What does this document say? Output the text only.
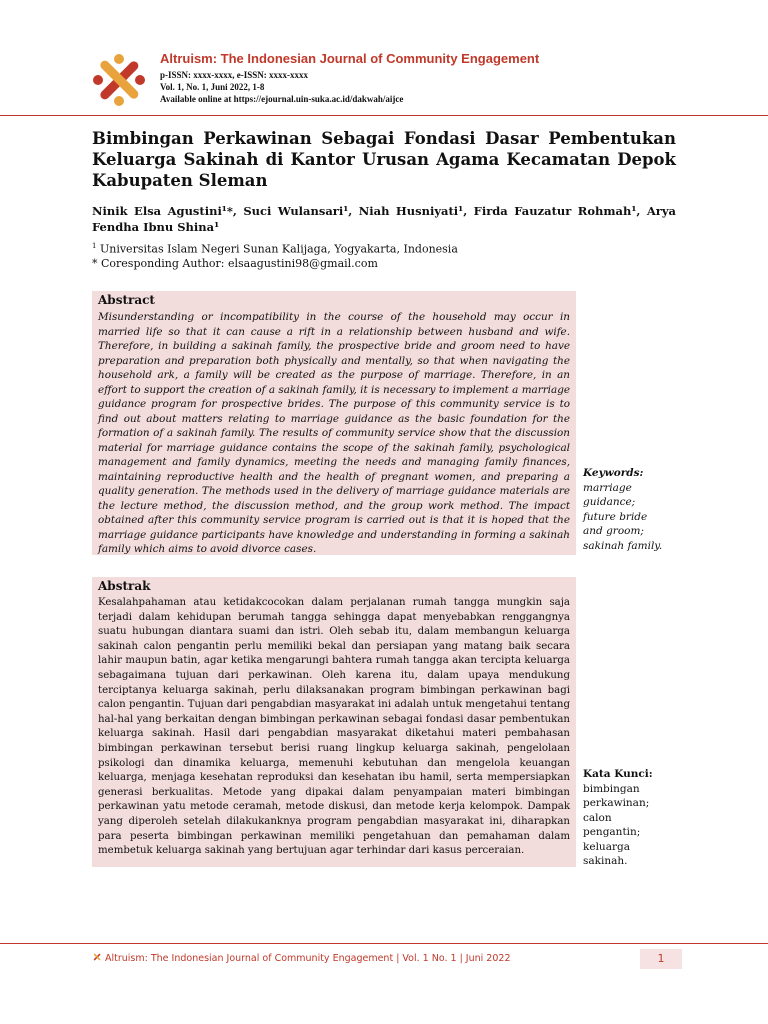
Altruism: The Indonesian Journal of Community Engagement
p-ISSN: xxxx-xxxx, e-ISSN: xxxx-xxxx
Vol. 1, No. 1, Juni 2022, 1-8
Available online at https://ejournal.uin-suka.ac.id/dakwah/aijce
Bimbingan Perkawinan Sebagai Fondasi Dasar Pembentukan Keluarga Sakinah di Kantor Urusan Agama Kecamatan Depok Kabupaten Sleman
Ninik Elsa Agustini¹*, Suci Wulansari¹, Niah Husniyati¹, Firda Fauzatur Rohmah¹, Arya Fendha Ibnu Shina¹
$^1$ Universitas Islam Negeri Sunan Kalijaga, Yogyakarta, Indonesia
* Coresponding Author: elsaagustini98@gmail.com
Abstract

Misunderstanding or incompatibility in the course of the household may occur in married life so that it can cause a rift in a relationship between husband and wife. Therefore, in building a sakinah family, the prospective bride and groom need to have preparation and preparation both physically and mentally, so that when navigating the household ark, a family will be created as the purpose of marriage. Therefore, in an effort to support the creation of a sakinah family, it is necessary to implement a marriage guidance program for prospective brides. The purpose of this community service is to find out about matters relating to marriage guidance as the basic foundation for the formation of a sakinah family. The results of community service show that the discussion material for marriage guidance contains the scope of the sakinah family, psychological management and family dynamics, meeting the needs and managing family finances, maintaining reproductive health and the health of pregnant women, and preparing a quality generation. The methods used in the delivery of marriage guidance materials are the lecture method, the discussion method, and the group work method. The impact obtained after this community service program is carried out is that it is hoped that the marriage guidance participants have knowledge and understanding in forming a sakinah family which aims to avoid divorce cases.

Keywords:
marriage
guidance;
future bride
and groom;
sakinah family.
Abstrak

Kesalahpahaman atau ketidakcocokan dalam perjalanan rumah tangga mungkin saja terjadi dalam kehidupan berumah tangga sehingga dapat menyebabkan renggangnya suatu hubungan diantara suami dan istri. Oleh sebab itu, dalam membangun keluarga sakinah calon pengantin perlu memiliki bekal dan persiapan yang matang baik secara lahir maupun batin, agar ketika mengarungi bahtera rumah tangga akan tercipta keluarga sebagaimana tujuan dari perkawinan. Oleh karena itu, dalam upaya mendukung terciptanya keluarga sakinah, perlu dilaksanakan program bimbingan perkawinan bagi calon pengantin. Tujuan dari pengabdian masyarakat ini adalah untuk mengetahui tentang hal-hal yang berkaitan dengan bimbingan perkawinan sebagai fondasi dasar pembentukan keluarga sakinah. Hasil dari pengabdian masyarakat diketahui materi pembahasan bimbingan perkawinan tersebut berisi ruang lingkup keluarga sakinah, pengelolaan psikologi dan dinamika keluarga, memenuhi kebutuhan dan mengelola keuangan keluarga, menjaga kesehatan reproduksi dan kesehatan ibu hamil, serta mempersiapkan generasi berkualitas. Metode yang dipakai dalam penyampaian materi bimbingan perkawinan yatu metode ceramah, metode diskusi, dan metode kerja kelompok. Dampak yang diperoleh setelah dilakukanknya program pengabdian masyarakat ini, diharapkan para peserta bimbingan perkawinan memiliki pengetahuan dan pemahaman dalam membetuk keluarga sakinah yang bertujuan agar terhindar dari kasus perceraian.

Kata Kunci:
bimbingan
perkawinan;
calon
pengantin;
keluarga
sakinah.
Altruism: The Indonesian Journal of Community Engagement | Vol. 1 No. 1 | Juni 2022	1
